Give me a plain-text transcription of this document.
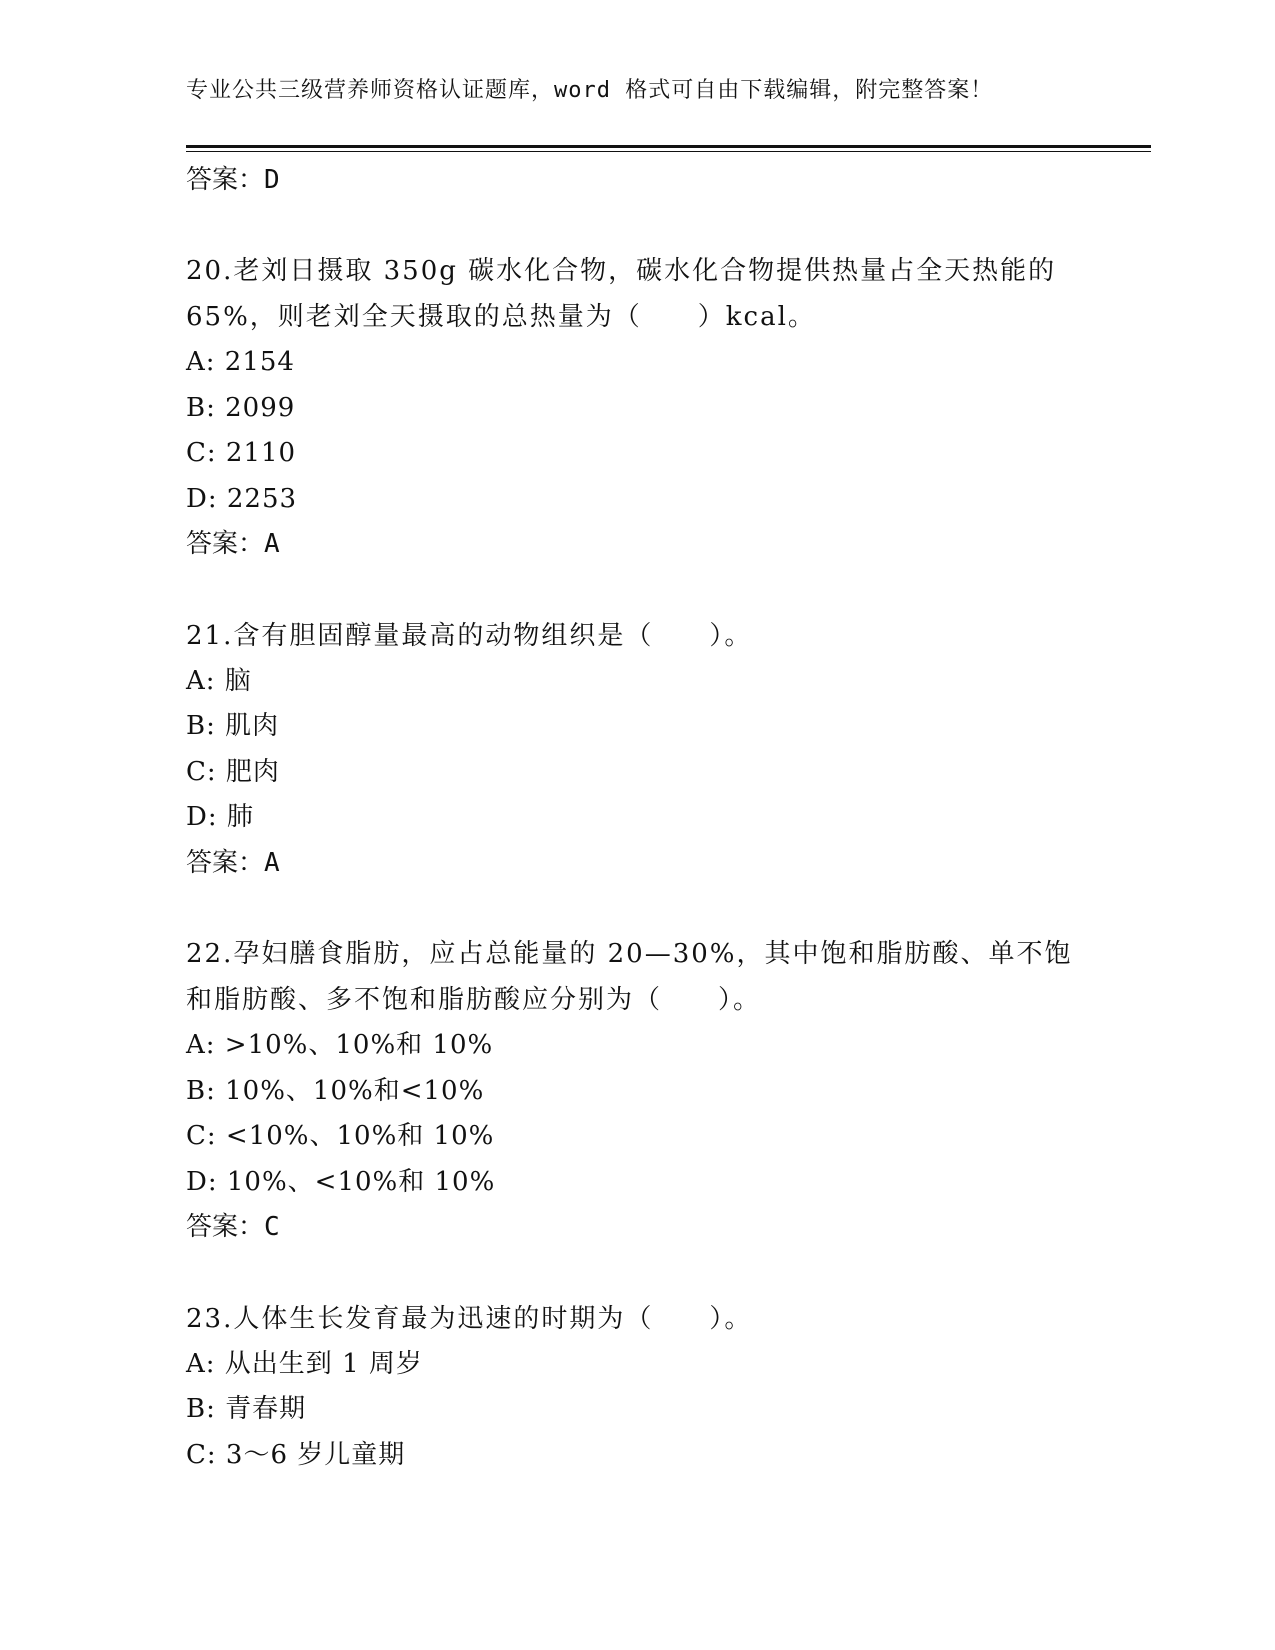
专业公共三级营养师资格认证题库，word 格式可自由下载编辑，附完整答案！
答案：D
20.老刘日摄取 350g 碳水化合物，碳水化合物提供热量占全天热能的 65%，则老刘全天摄取的总热量为（　　）kcal。
A: 2154
B: 2099
C: 2110
D: 2253
答案：A
21.含有胆固醇量最高的动物组织是（　　）。
A: 脑
B: 肌肉
C: 肥肉
D: 肺
答案：A
22.孕妇膳食脂肪，应占总能量的 20—30%，其中饱和脂肪酸、单不饱和脂肪酸、多不饱和脂肪酸应分别为（　　）。
A: >10%、10%和 10%
B: 10%、10%和<10%
C: <10%、10%和 10%
D: 10%、<10%和 10%
答案：C
23.人体生长发育最为迅速的时期为（　　）。
A: 从出生到 1 周岁
B: 青春期
C: 3～6 岁儿童期
